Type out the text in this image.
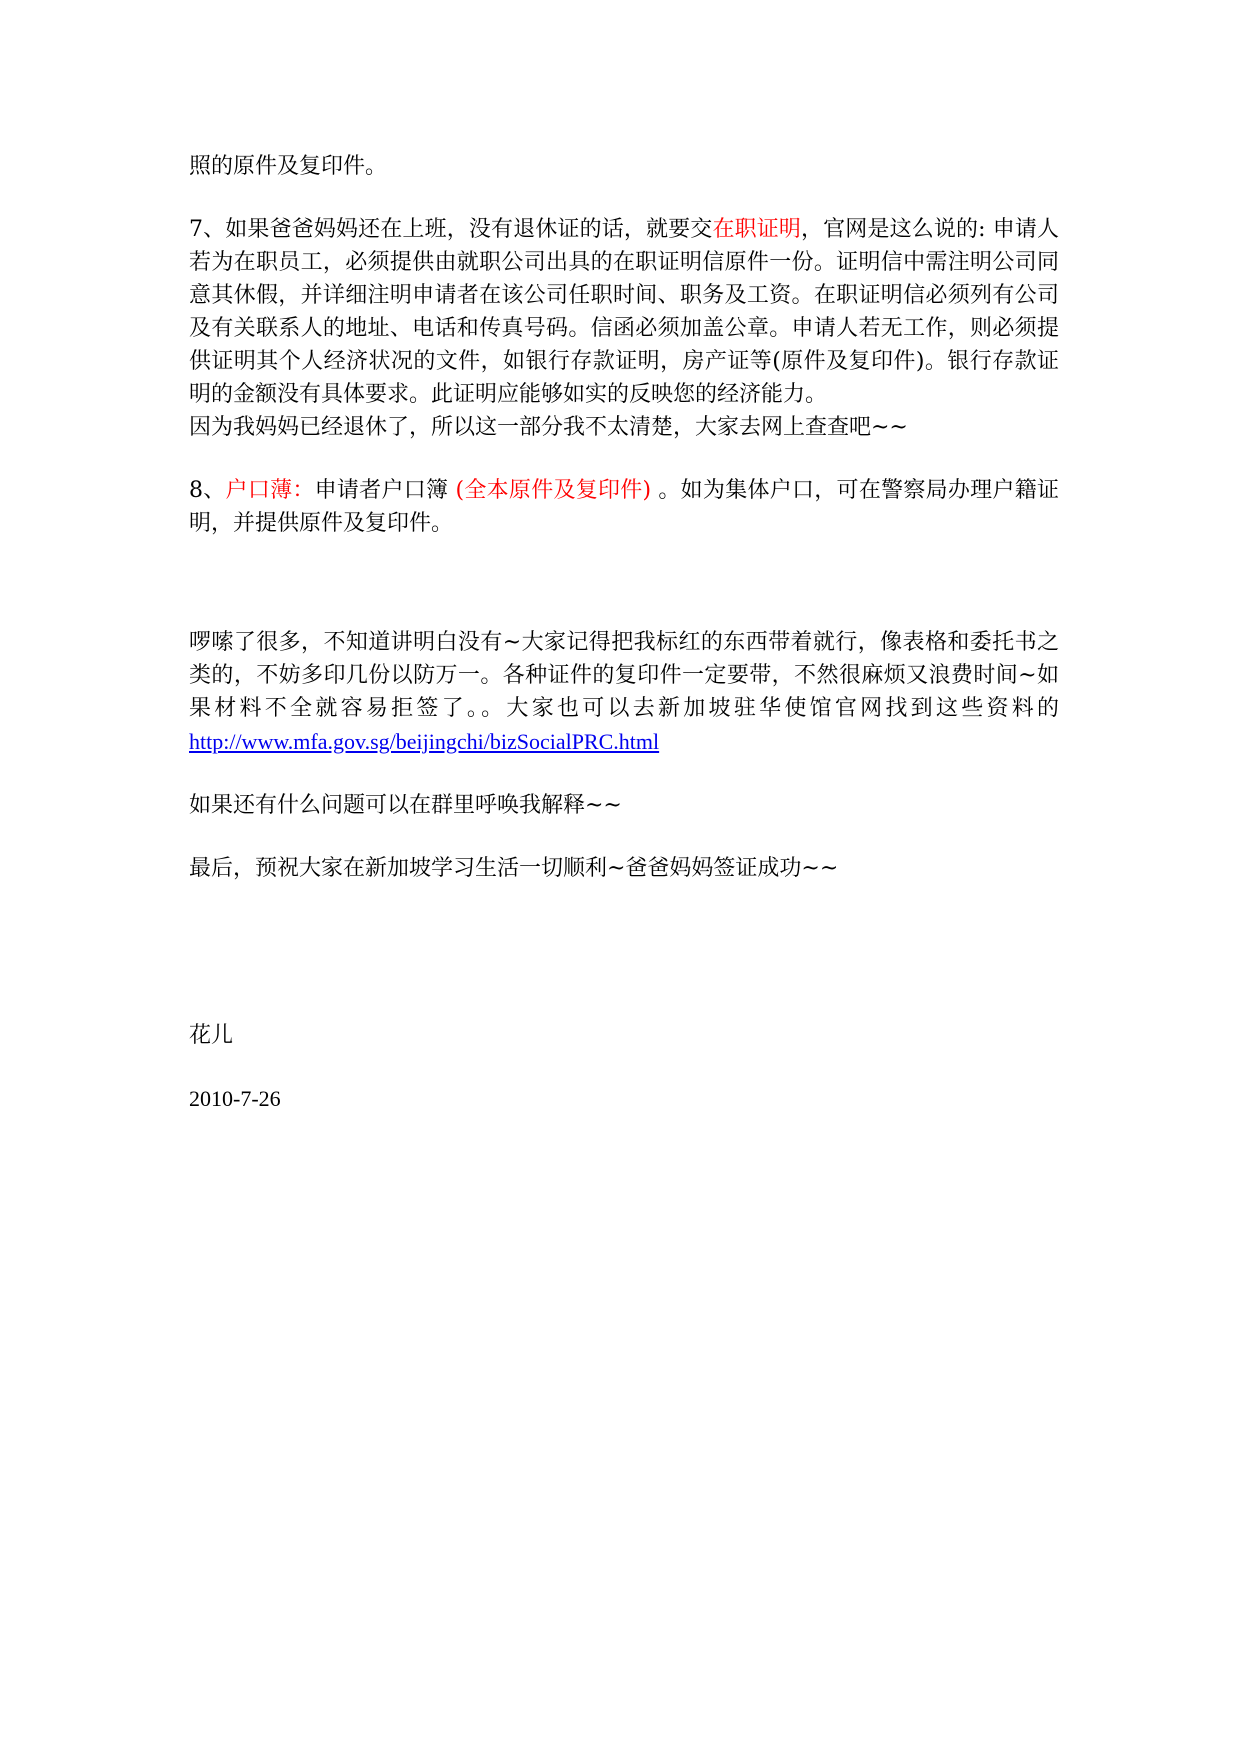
照的原件及复印件。

7、如果爸爸妈妈还在上班，没有退休证的话，就要交在职证明，官网是这么说的: 申请人若为在职员工，必须提供由就职公司出具的在职证明信原件一份。证明信中需注明公司同意其休假，并详细注明申请者在该公司任职时间、职务及工资。在职证明信必须列有公司及有关联系人的地址、电话和传真号码。信函必须加盖公章。申请人若无工作，则必须提供证明其个人经济状况的文件，如银行存款证明，房产证等(原件及复印件)。银行存款证明的金额没有具体要求。此证明应能够如实的反映您的经济能力。

因为我妈妈已经退休了，所以这一部分我不太清楚，大家去网上查查吧~~

8、户口薄：申请者户口簿 (全本原件及复印件) 。如为集体户口，可在警察局办理户籍证明，并提供原件及复印件。

啰嗦了很多，不知道讲明白没有~大家记得把我标红的东西带着就行，像表格和委托书之类的，不妨多印几份以防万一。各种证件的复印件一定要带，不然很麻烦又浪费时间~如果材料不全就容易拒签了。。大家也可以去新加坡驻华使馆官网找到这些资料的 http://www.mfa.gov.sg/beijingchi/bizSocialPRC.html

如果还有什么问题可以在群里呼唤我解释~~

最后，预祝大家在新加坡学习生活一切顺利~爸爸妈妈签证成功~~

花儿

2010-7-26
